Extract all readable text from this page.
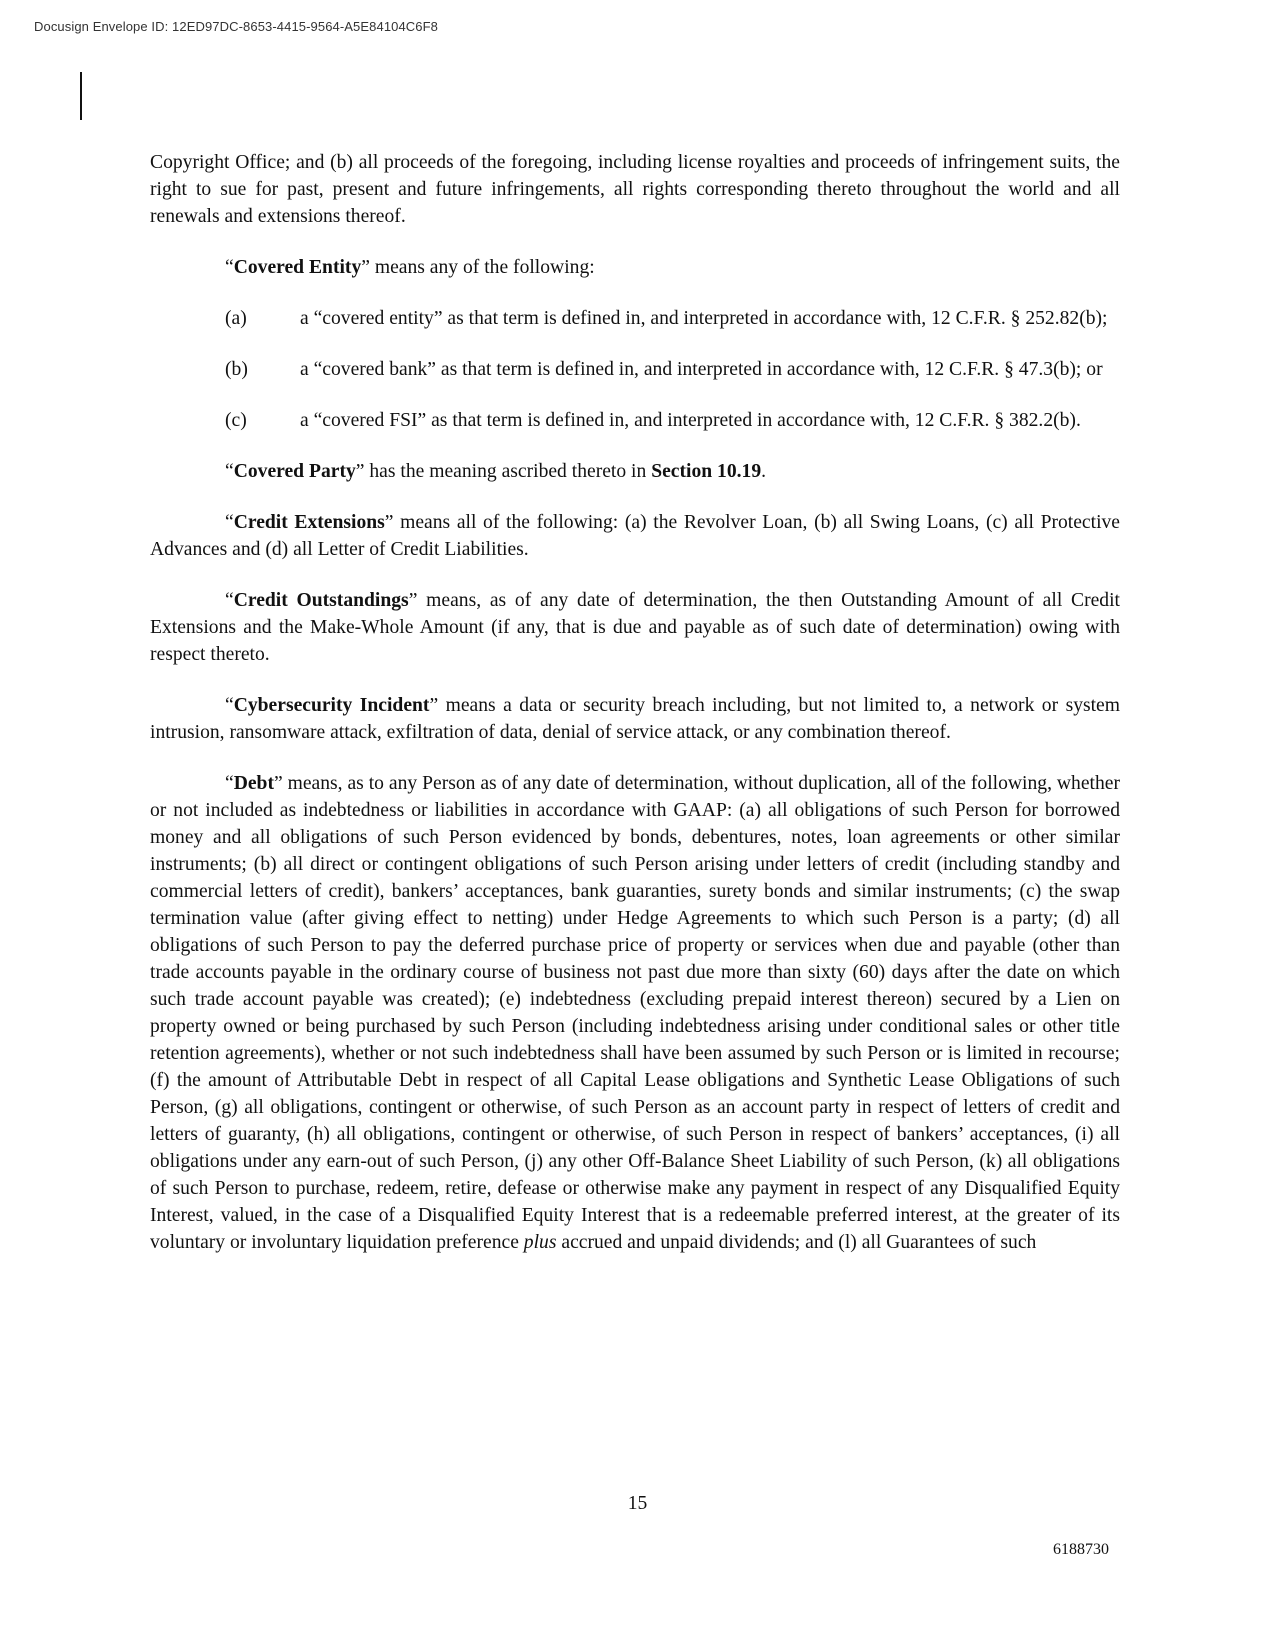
Docusign Envelope ID: 12ED97DC-8653-4415-9564-A5E84104C6F8

Copyright Office; and (b) all proceeds of the foregoing, including license royalties and proceeds of infringement suits, the right to sue for past, present and future infringements, all rights corresponding thereto throughout the world and all renewals and extensions thereof.

“Covered Entity” means any of the following:

(a)	a “covered entity” as that term is defined in, and interpreted in accordance with, 12 C.F.R. § 252.82(b);

(b)	a “covered bank” as that term is defined in, and interpreted in accordance with, 12 C.F.R. § 47.3(b); or

(c)	a “covered FSI” as that term is defined in, and interpreted in accordance with, 12 C.F.R. § 382.2(b).

“Covered Party” has the meaning ascribed thereto in Section 10.19.

“Credit Extensions” means all of the following: (a) the Revolver Loan, (b) all Swing Loans, (c) all Protective Advances and (d) all Letter of Credit Liabilities.

“Credit Outstandings” means, as of any date of determination, the then Outstanding Amount of all Credit Extensions and the Make-Whole Amount (if any, that is due and payable as of such date of determination) owing with respect thereto.

“Cybersecurity Incident” means a data or security breach including, but not limited to, a network or system intrusion, ransomware attack, exfiltration of data, denial of service attack, or any combination thereof.

“Debt” means, as to any Person as of any date of determination, without duplication, all of the following, whether or not included as indebtedness or liabilities in accordance with GAAP: (a) all obligations of such Person for borrowed money and all obligations of such Person evidenced by bonds, debentures, notes, loan agreements or other similar instruments; (b) all direct or contingent obligations of such Person arising under letters of credit (including standby and commercial letters of credit), bankers’ acceptances, bank guaranties, surety bonds and similar instruments; (c) the swap termination value (after giving effect to netting) under Hedge Agreements to which such Person is a party; (d) all obligations of such Person to pay the deferred purchase price of property or services when due and payable (other than trade accounts payable in the ordinary course of business not past due more than sixty (60) days after the date on which such trade account payable was created); (e) indebtedness (excluding prepaid interest thereon) secured by a Lien on property owned or being purchased by such Person (including indebtedness arising under conditional sales or other title retention agreements), whether or not such indebtedness shall have been assumed by such Person or is limited in recourse; (f) the amount of Attributable Debt in respect of all Capital Lease obligations and Synthetic Lease Obligations of such Person, (g) all obligations, contingent or otherwise, of such Person as an account party in respect of letters of credit and letters of guaranty, (h) all obligations, contingent or otherwise, of such Person in respect of bankers’ acceptances, (i) all obligations under any earn-out of such Person, (j) any other Off-Balance Sheet Liability of such Person, (k) all obligations of such Person to purchase, redeem, retire, defease or otherwise make any payment in respect of any Disqualified Equity Interest, valued, in the case of a Disqualified Equity Interest that is a redeemable preferred interest, at the greater of its voluntary or involuntary liquidation preference plus accrued and unpaid dividends; and (l) all Guarantees of such

15
6188730
